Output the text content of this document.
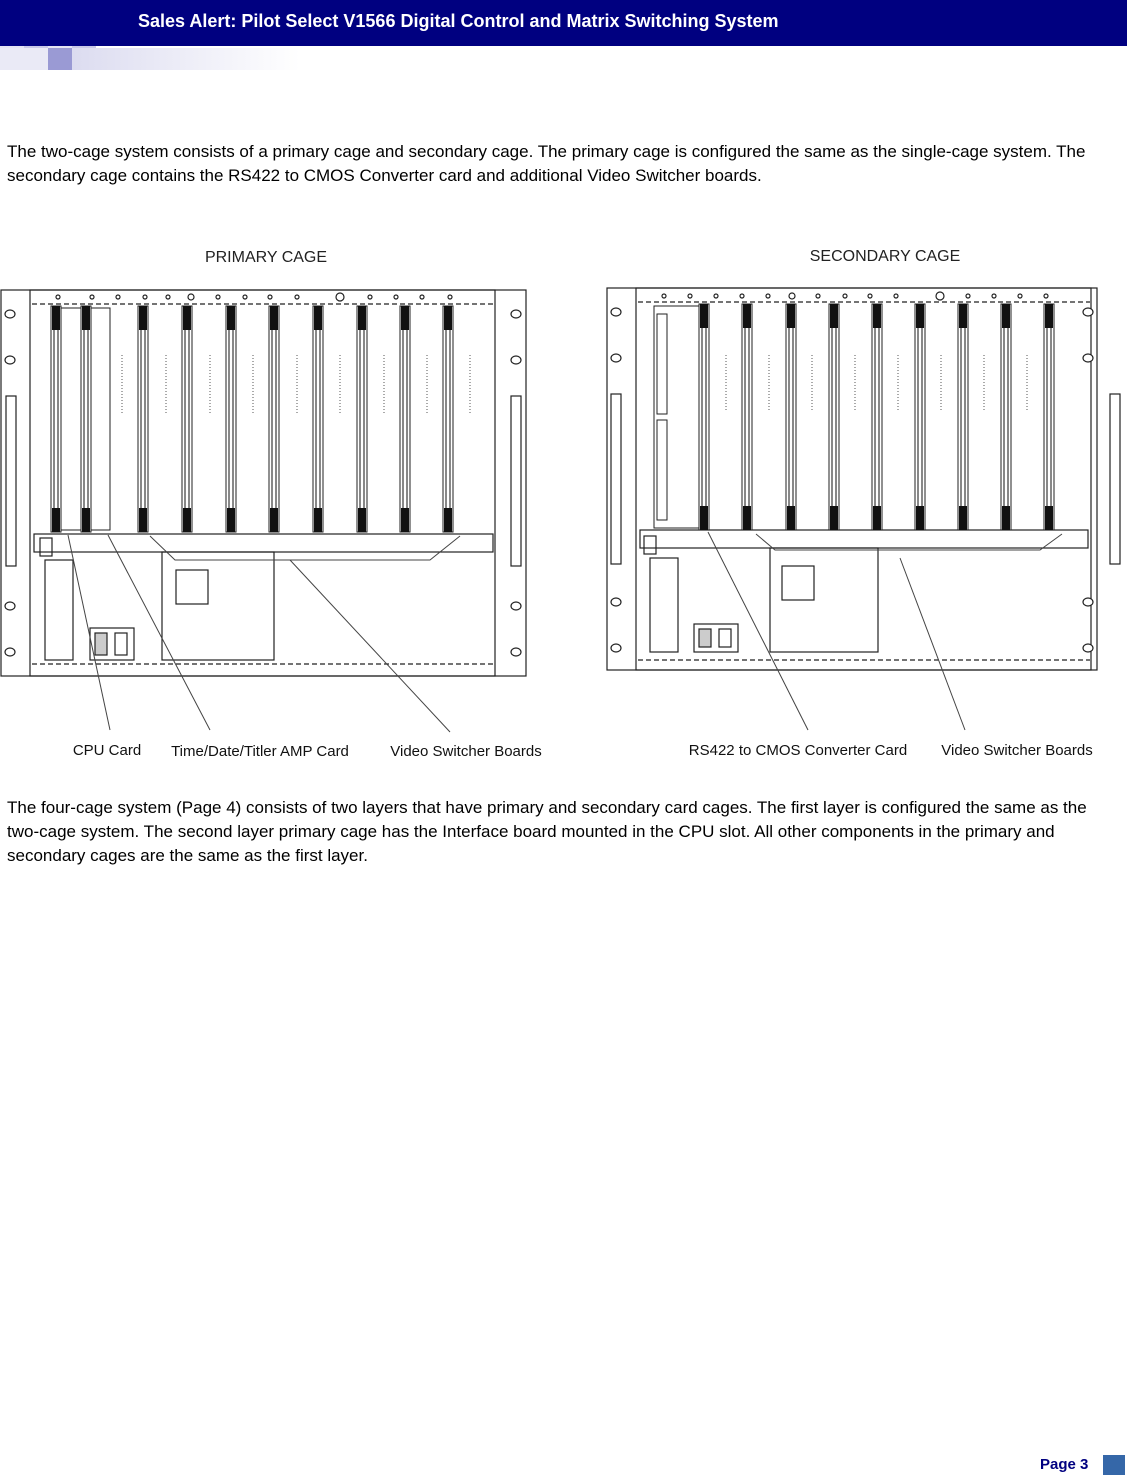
Sales Alert: Pilot Select V1566 Digital Control and Matrix Switching System

The two-cage system consists of a primary cage and secondary cage. The primary cage is configured the same as the single-cage system. The secondary cage contains the RS422 to CMOS Converter card and additional Video Switcher boards.

PRIMARY CAGE	SECONDARY CAGE
CPU Card Time/Date/Titler AMP Card	Video Switcher Boards	RS422 to CMOS Converter Card Video Switcher Boards

The four-cage system (Page 4) consists of two layers that have primary and secondary card cages. The first layer is configured the same as the two-cage system. The second layer primary cage has the Interface board mounted in the CPU slot. All other components in the primary and secondary cages are the same as the first layer.

Page 3
